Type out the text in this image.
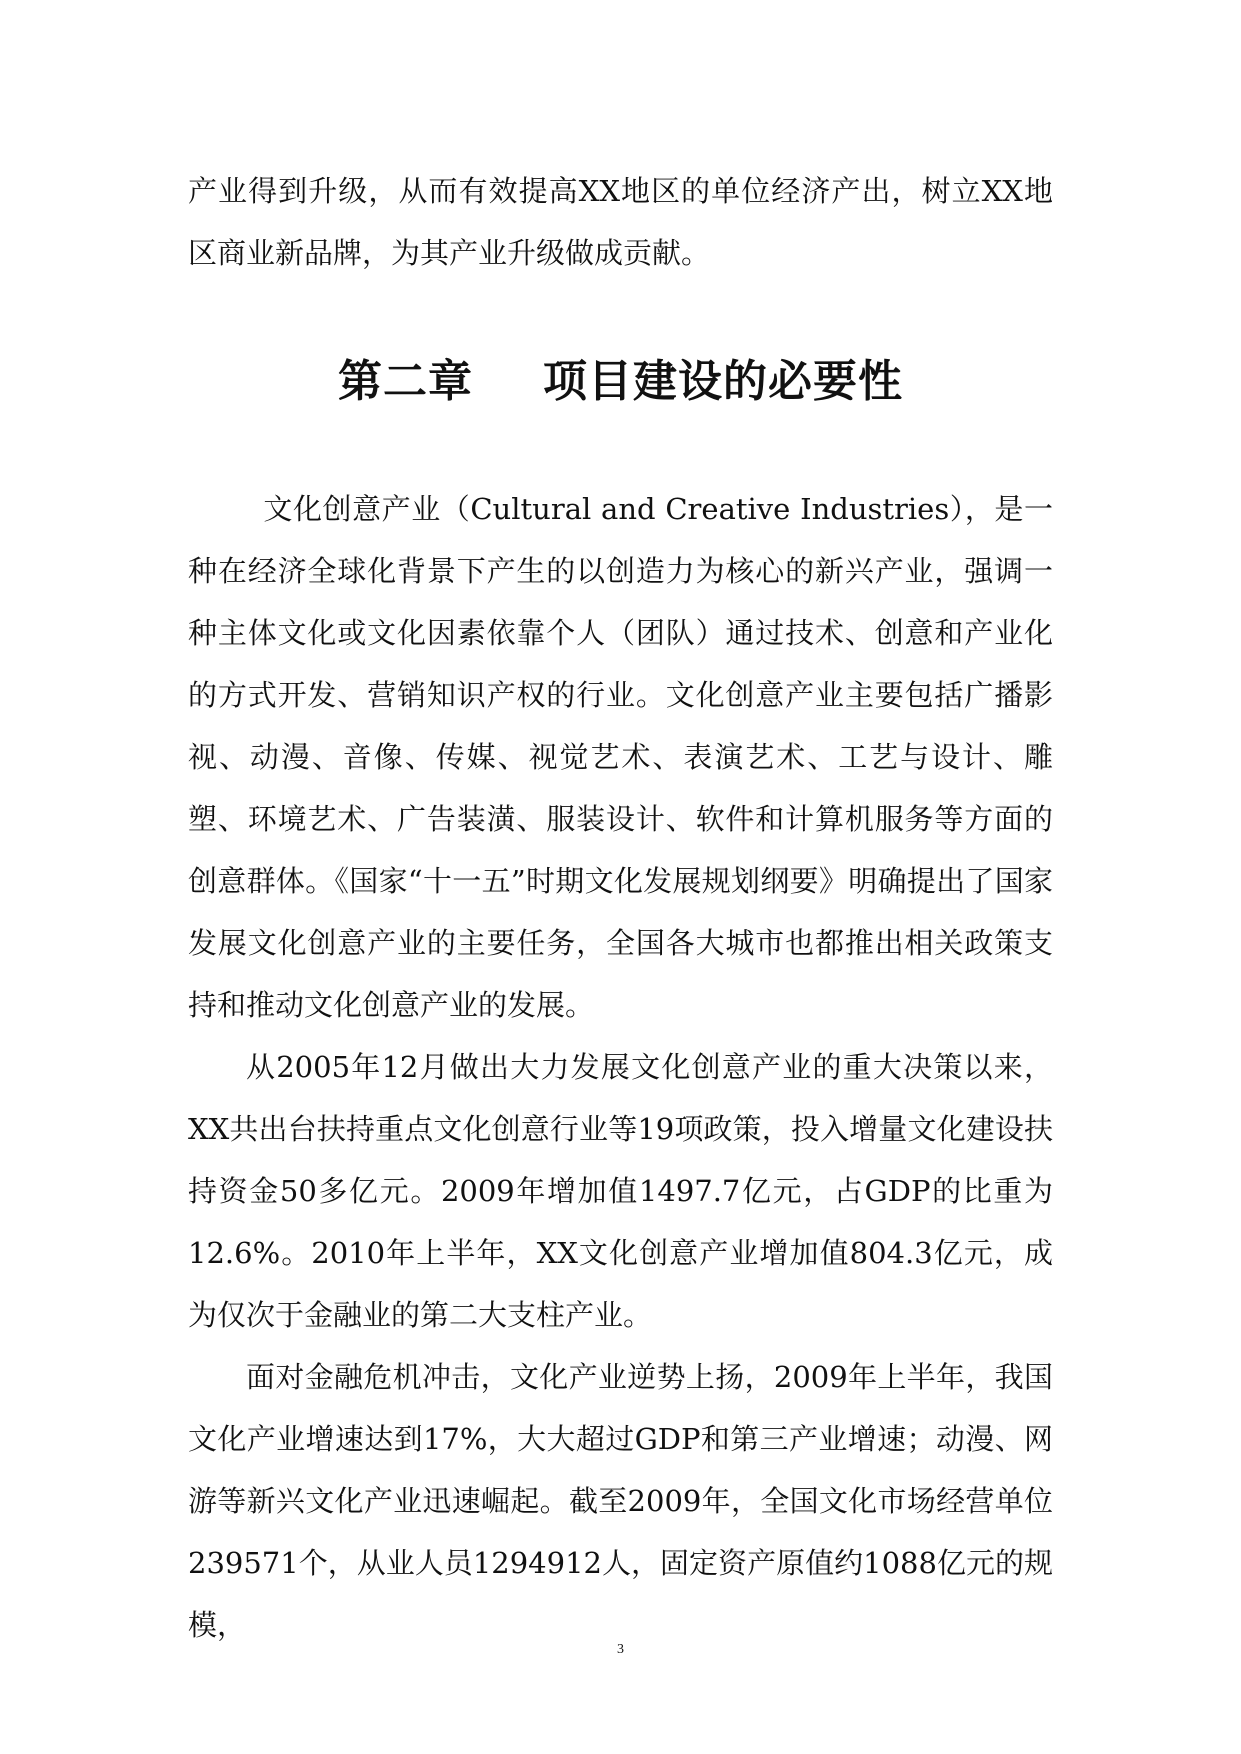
产业得到升级，从而有效提高XX地区的单位经济产出，树立XX地区商业新品牌，为其产业升级做成贡献。

第二章 项目建设的必要性

文化创意产业（Cultural and Creative Industries），是一种在经济全球化背景下产生的以创造力为核心的新兴产业，强调一种主体文化或文化因素依靠个人（团队）通过技术、创意和产业化的方式开发、营销知识产权的行业。文化创意产业主要包括广播影视、动漫、音像、传媒、视觉艺术、表演艺术、工艺与设计、雕塑、环境艺术、广告装潢、服装设计、软件和计算机服务等方面的创意群体。《国家“十一五”时期文化发展规划纲要》明确提出了国家发展文化创意产业的主要任务，全国各大城市也都推出相关政策支持和推动文化创意产业的发展。

从2005年12月做出大力发展文化创意产业的重大决策以来，XX共出台扶持重点文化创意行业等19项政策，投入增量文化建设扶持资金50多亿元。2009年增加值1497.7亿元，占GDP的比重为12.6%。2010年上半年，XX文化创意产业增加值804.3亿元，成为仅次于金融业的第二大支柱产业。

面对金融危机冲击，文化产业逆势上扬，2009年上半年，我国文化产业增速达到17%，大大超过GDP和第三产业增速；动漫、网游等新兴文化产业迅速崛起。截至2009年，全国文化市场经营单位239571个，从业人员1294912人，固定资产原值约1088亿元的规模，

3
